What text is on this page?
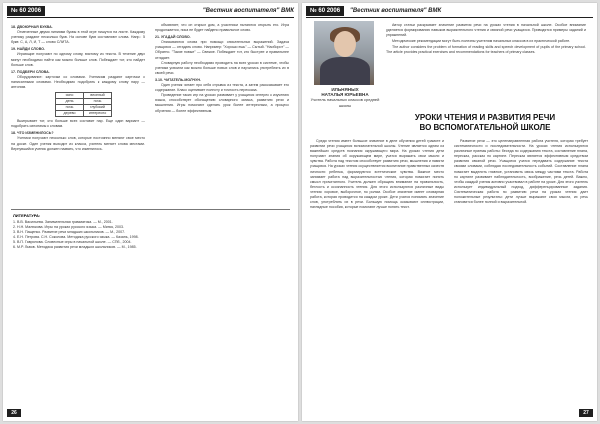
№ 60 2006	"Вестник воспитателя" ВМК
18. ДВОЮРНАЯ БУКВА.

Отмеченные двумя линиями буквы в этой игре пишутся на листе. Каждому ученику раздают несколько букв. На основе букв составляют слова. Напр.: 5 букв: С, А, Л, И, Т — слово СЛИТА.

19. НАЙДИ СЛОВО.

Играющие получают по одному слову, взятому из текста. В течение двух минут необходимо найти как можно больше слов. Побеждает тот, кто найдет больше слов.

17. ПОДБЕРИ СЛОВА.

Оборудование: карточки со словами. Ученикам раздают карточки с написанными словами. Необходимо подобрать к каждому слову пару — антоним.

ясно	веселый
день	ночь
ночь	глубокий
дерево	интересно

Выигрывает тот, кто больше всех составит пар. Еще один вариант — подобрать синонимы к словам.

18. ЧТО ИЗМЕНИЛОСЬ?

Ученики получают несколько слов, которые постоянно меняют свое место на доске. Один ученик выходит из класса, учитель меняет слова местами. Вернувшийся ученик должен назвать, что изменилось.

объявляет, что он открыл дом, а участники пытаются открыть его. Игра продолжается, пока не будет найдено правильное слово.

21. УГАДАЙ СЛОВО.

Описываются слова при помощи описательных выражений. Задача учащихся — отгадать слово. Например: "Хорошо ешь" — Сытый. "Наоборот" — Обратно. "Такие новые" — Свежие. Побеждает тот, кто быстрее и правильнее отгадает.

Словарную работу необходимо проводить на всех уроках в системе, чтобы ученики усвоили как можно больше новых слов и научились употреблять их в своей речи.

3.10. ЧИТАТЕЛЬ-МОЛЧУН.

Один ученик читает про себя отрывок из текста, а затем рассказывает его содержание. Класс оценивает полноту и точность пересказа.

Проведение таких игр на уроках развивает у учащихся интерес к изучению языка, способствует обогащению словарного запаса, развитию речи и мышления. Игры помогают сделать урок более интересным, а процесс обучения — более эффективным.

ЛИТЕРАТУРА:
1. В.В. Васильева. Занимательная грамматика. — М., 2001.
2. Н.Н. Малюкова. Игры на уроках русского языка. — Минск, 2003.
3. В.Н. Пащенко. Развитие речи младших школьников. — М., 2007.
4. Е.Н. Петрова. С.Н. Соколова. Методика русского языка. — Казань, 1998.
5. В.П. Гаврилова. Словесные игры в начальной школе. — СПб., 2004.
6. М.Р. Львов. Методика развития речи младших школьников. — М., 1985.
26
№ 60 2006	"Вестник воспитателя" ВМК
ИЛЬНЯНЫХ
НАТАЛЬЯ ЮРЬЕВНА
Учитель начальных классов средней школы

Автор статьи раскрывает значение развития речи на уроках чтения в начальной школе. Особое внимание уделяется формированию навыков выразительного чтения и связной речи учащихся. Приводятся примеры заданий и упражнений.

Методические рекомендации могут быть полезны учителям начальных классов в их практической работе.

The author considers the problem of formation of reading skills and speech development of pupils of the primary school. The article provides practical exercises and recommendations for teachers of primary classes.

УРОКИ ЧТЕНИЯ И РАЗВИТИЯ РЕЧИ
ВО ВСПОМОГАТЕЛЬНОЙ ШКОЛЕ

Среди чтения имеет большое значение в деле обучения детей грамоте и развитии речи учащихся вспомогательной школы. Чтение является одним из важнейших средств познания окружающего мира. На уроках чтения дети получают знания об окружающем мире, учатся выражать свои мысли и чувства. Работа над текстом способствует развитию речи, мышления и памяти учащихся. На уроках чтения осуществляется воспитание нравственных качеств личности ребенка, формируются эстетические чувства. Важное место занимает работа над выразительностью чтения, которая помогает понять смысл прочитанного. Учитель должен обращать внимание на правильность, беглость и осознанность чтения. Для этого используются различные виды чтения: хоровое, выборочное, по ролям. Особое значение имеет словарная работа, которая проводится на каждом уроке. Дети учатся понимать значение слов, употреблять их в речи. Большую помощь оказывают иллюстрации, наглядные пособия, которые помогают лучше понять текст.

Развитие речи — это целенаправленная работа учителя, которая требует систематичности и последовательности. На уроках чтения используются различные приемы работы: беседа по содержанию текста, составление плана, пересказ, рассказ по картине. Пересказ является эффективным средством развития связной речи. Учащиеся учатся передавать содержание текста своими словами, соблюдая последовательность событий. Составление плана помогает выделить главное, установить связь между частями текста. Работа по картине развивает наблюдательность, воображение, речь детей. Важно, чтобы каждый ученик активно участвовал в работе на уроке. Для этого учитель использует индивидуальный подход, дифференцированные задания. Систематическая работа по развитию речи на уроках чтения дает положительные результаты: дети лучше выражают свои мысли, их речь становится более полной и выразительной.

27
